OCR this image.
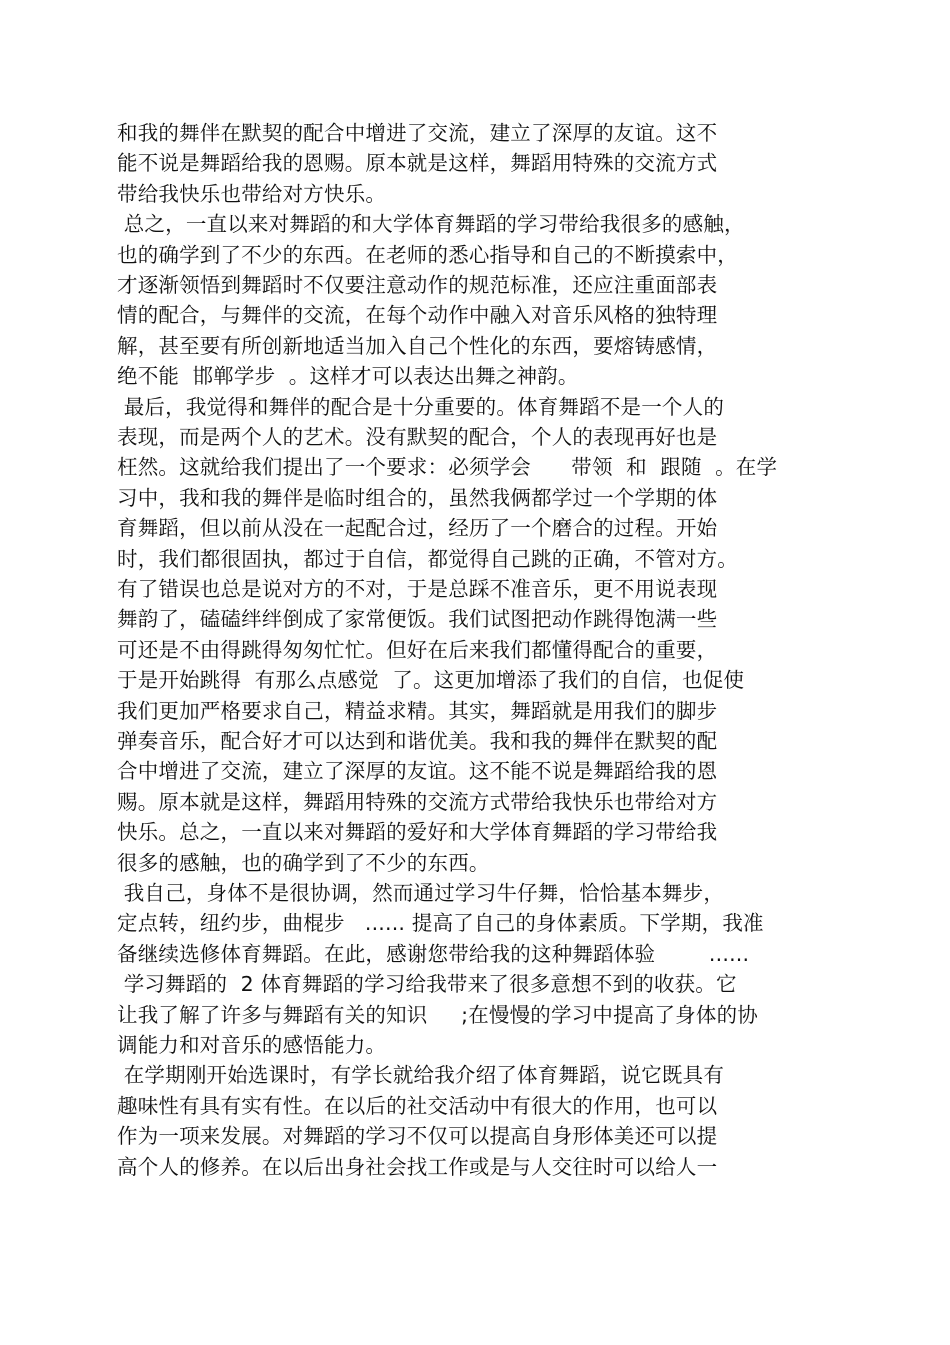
和我的舞伴在默契的配合中增进了交流，建立了深厚的友谊。这不
能不说是舞蹈给我的恩赐。原本就是这样，舞蹈用特殊的交流方式
带给我快乐也带给对方快乐。
总之，一直以来对舞蹈的和大学体育舞蹈的学习带给我很多的感触，
也的确学到了不少的东西。在老师的悉心指导和自己的不断摸索中，
才逐渐领悟到舞蹈时不仅要注意动作的规范标准，还应注重面部表
情的配合，与舞伴的交流，在每个动作中融入对音乐风格的独特理
解，甚至要有所创新地适当加入自己个性化的东西，要熔铸感情，
绝不能  邯郸学步  。这样才可以表达出舞之神韵。
最后，我觉得和舞伴的配合是十分重要的。体育舞蹈不是一个人的
表现，而是两个人的艺术。没有默契的配合，个人的表现再好也是
枉然。这就给我们提出了一个要求：必须学会      带领  和  跟随  。在学
习中，我和我的舞伴是临时组合的，虽然我俩都学过一个学期的体
育舞蹈，但以前从没在一起配合过，经历了一个磨合的过程。开始
时，我们都很固执，都过于自信，都觉得自己跳的正确，不管对方。
有了错误也总是说对方的不对，于是总踩不准音乐，更不用说表现
舞韵了，磕磕绊绊倒成了家常便饭。我们试图把动作跳得饱满一些
可还是不由得跳得匆匆忙忙。但好在后来我们都懂得配合的重要，
于是开始跳得  有那么点感觉  了。这更加增添了我们的自信，也促使
我们更加严格要求自己，精益求精。其实，舞蹈就是用我们的脚步
弹奏音乐，配合好才可以达到和谐优美。我和我的舞伴在默契的配
合中增进了交流，建立了深厚的友谊。这不能不说是舞蹈给我的恩
赐。原本就是这样，舞蹈用特殊的交流方式带给我快乐也带给对方
快乐。总之，一直以来对舞蹈的爱好和大学体育舞蹈的学习带给我
很多的感触，也的确学到了不少的东西。
我自己，身体不是很协调，然而通过学习牛仔舞，恰恰基本舞步，
定点转，纽约步，曲棍步   ...... 提高了自己的身体素质。下学期，我准
备继续选修体育舞蹈。在此，感谢您带给我的这种舞蹈体验        ......
学习舞蹈的  2 体育舞蹈的学习给我带来了很多意想不到的收获。它
让我了解了许多与舞蹈有关的知识     ;在慢慢的学习中提高了身体的协
调能力和对音乐的感悟能力。
在学期刚开始选课时，有学长就给我介绍了体育舞蹈，说它既具有
趣味性有具有实有性。在以后的社交活动中有很大的作用，也可以
作为一项来发展。对舞蹈的学习不仅可以提高自身形体美还可以提
高个人的修养。在以后出身社会找工作或是与人交往时可以给人一
